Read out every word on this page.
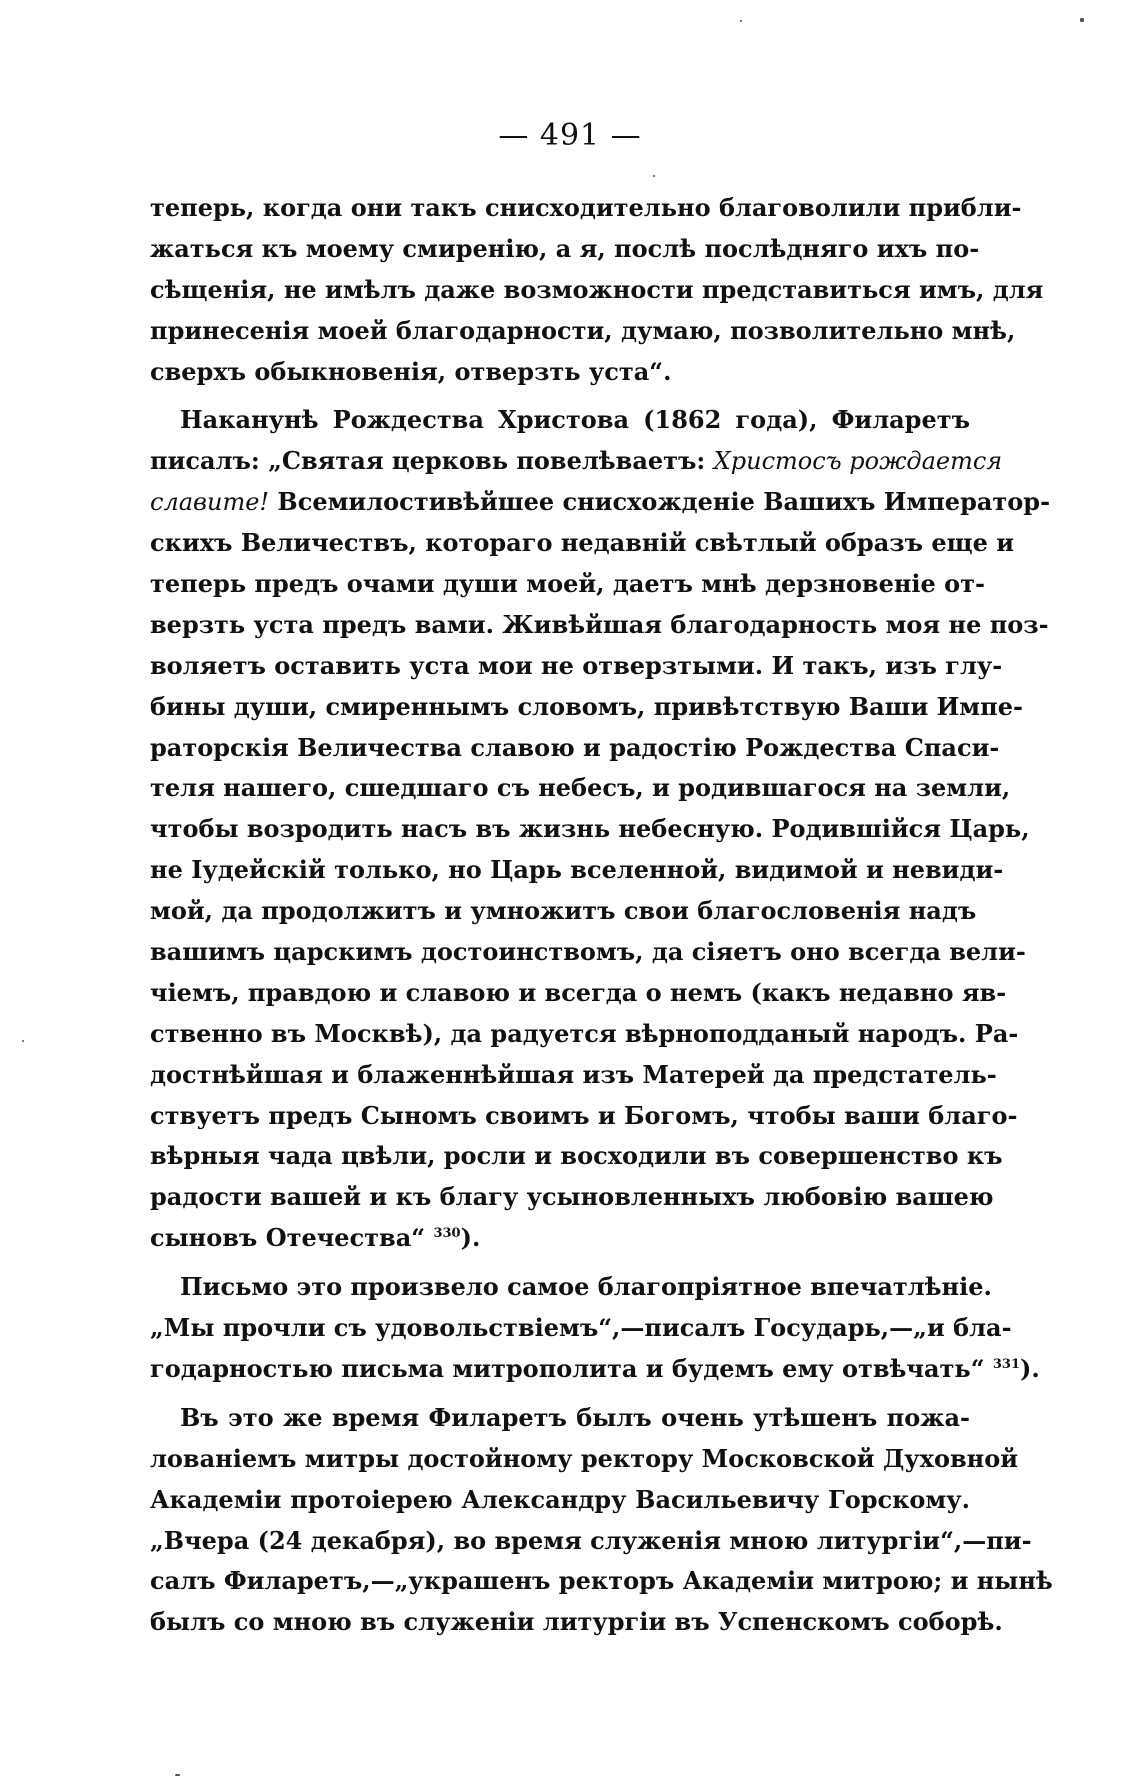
— 491 —
теперь, когда они такъ снисходительно благоволили прибли-
жаться къ моему смиренію, а я, послѣ послѣдняго ихъ по-
сѣщенія, не имѣлъ даже возможности представиться имъ, для
принесенія моей благодарности, думаю, позволительно мнѣ,
сверхъ обыкновенія, отверзть уста“.
Наканунѣ Рождества Христова (1862 года), Филаретъ
писалъ: „Святая церковь повелѣваетъ: Христосъ рождается
славите! Всемилостивѣйшее снисхожденіе Вашихъ Император-
скихъ Величествъ, котораго недавній свѣтлый образъ еще и
теперь предъ очами души моей, даетъ мнѣ дерзновеніе от-
верзть уста предъ вами. Живѣйшая благодарность моя не поз-
воляетъ оставить уста мои не отверзтыми. И такъ, изъ глу-
бины души, смиреннымъ словомъ, привѣтствую Ваши Импе-
раторскія Величества славою и радостію Рождества Спаси-
теля нашего, сшедшаго съ небесъ, и родившагося на земли,
чтобы возродить насъ въ жизнь небесную. Родившійся Царь,
не Іудейскій только, но Царь вселенной, видимой и невиди-
мой, да продолжитъ и умножитъ свои благословенія надъ
вашимъ царскимъ достоинствомъ, да сіяетъ оно всегда вели-
чіемъ, правдою и славою и всегда о немъ (какъ недавно яв-
ственно въ Москвѣ), да радуется вѣрноподданый народъ. Ра-
достнѣйшая и блаженнѣйшая изъ Матерей да предстатель-
ствуетъ предъ Сыномъ своимъ и Богомъ, чтобы ваши благо-
вѣрныя чада цвѣли, росли и восходили въ совершенство къ
радости вашей и къ благу усыновленныхъ любовію вашею
сыновъ Отечества“ $^{330}$).
Письмо это произвело самое благопріятное впечатлѣніе.
„Мы прочли съ удовольствіемъ“,—писалъ Государь,—„и бла-
годарностью письма митрополита и будемъ ему отвѣчать“ $^{331}$).
Въ это же время Филаретъ былъ очень утѣшенъ пожа-
лованіемъ митры достойному ректору Московской Духовной
Академіи протоіерею Александру Васильевичу Горскому.
„Вчера (24 декабря), во время служенія мною литургіи“,—пи-
салъ Филаретъ,—„украшенъ ректоръ Академіи митрою; и нынѣ
былъ со мною въ служеніи литургіи въ Успенскомъ соборѣ.
